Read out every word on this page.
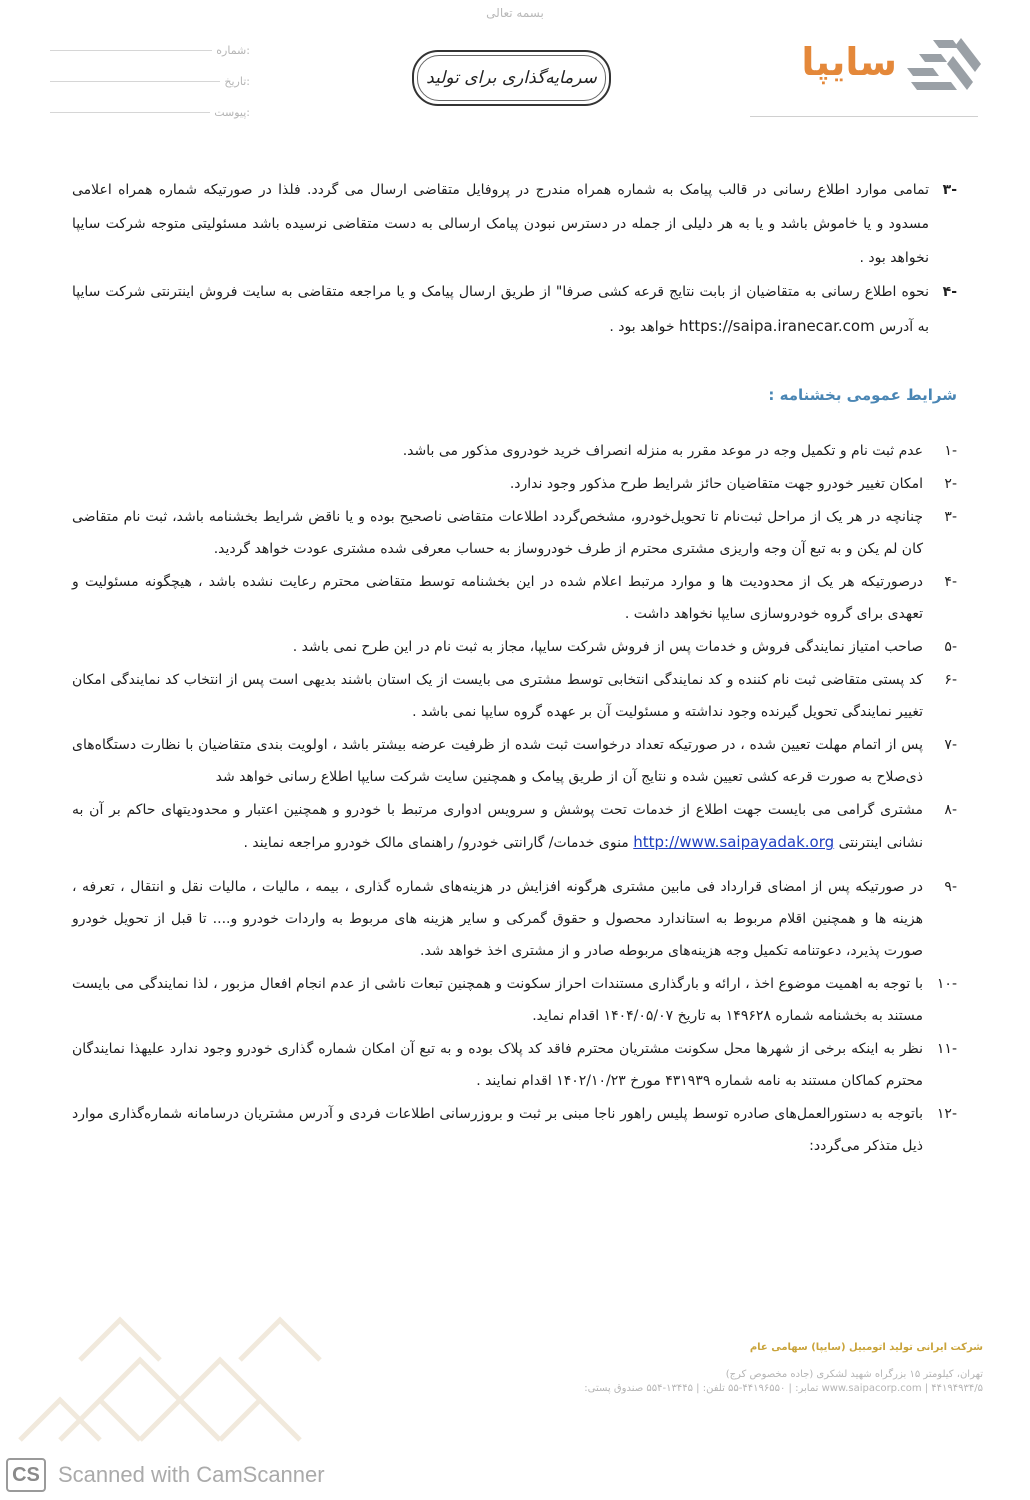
بسمه تعالی
شماره:
تاریخ:
پیوست:
سرمایه‌گذاری برای تولید	سایپا
-۳
تمامی موارد اطلاع رسانی در قالب پیامک به شماره همراه مندرج در پروفایل متقاضی ارسال می گردد. فلذا در صورتیکه شماره همراه اعلامی مسدود و یا خاموش باشد و یا به هر دلیلی از جمله در دسترس نبودن پیامک ارسالی به دست متقاضی نرسیده باشد مسئولیتی متوجه شرکت سایپا نخواهد بود .
-۴
نحوه اطلاع رسانی به متقاضیان از بابت نتایج قرعه کشی صرفا" از طریق ارسال پیامک و یا مراجعه متقاضی به سایت فروش اینترنتی شرکت سایپا به آدرس https://saipa.iranecar.com خواهد بود .
شرایط عمومی بخشنامه :
-۱
عدم ثبت نام و تکمیل وجه در موعد مقرر به منزله انصراف خرید خودروی مذکور می باشد.
-۲
امکان تغییر خودرو جهت متقاضیان حائز شرایط طرح مذکور وجود ندارد.
-۳
چنانچه در هر یک از مراحل ثبت‌نام تا تحویل‌خودرو، مشخص‌گردد اطلاعات متقاضی ناصحیح بوده و یا ناقض شرایط بخشنامه باشد، ثبت نام متقاضی کان لم یکن و به تبع آن وجه واریزی مشتری محترم از طرف خودروساز به حساب معرفی شده مشتری عودت خواهد گردید.
-۴
درصورتیکه هر یک از محدودیت ها و موارد مرتبط اعلام شده در این بخشنامه توسط متقاضی محترم رعایت نشده باشد ، هیچگونه مسئولیت و تعهدی برای گروه خودروسازی سایپا نخواهد داشت .
-۵
صاحب امتیاز نمایندگی فروش و خدمات پس از فروش شرکت سایپا، مجاز به ثبت نام در این طرح نمی باشد .
-۶
کد پستی متقاضی ثبت نام کننده و کد نمایندگی انتخابی توسط مشتری می بایست از یک استان باشند بدیهی است پس از انتخاب کد نمایندگی امکان تغییر نمایندگی تحویل گیرنده وجود نداشته و مسئولیت آن بر عهده گروه سایپا نمی باشد .
-۷
پس از اتمام مهلت تعیین شده ، در صورتیکه تعداد درخواست ثبت شده از ظرفیت عرضه بیشتر باشد ، اولویت بندی متقاضیان با نظارت دستگاه‌های ذی‌صلاح به صورت قرعه کشی تعیین شده و نتایج آن از طریق پیامک و همچنین سایت شرکت سایپا اطلاع رسانی خواهد شد
-۸
مشتری گرامی می بایست جهت اطلاع از خدمات تحت پوشش و سرویس ادواری مرتبط با خودرو و همچنین اعتبار و محدودیتهای حاکم بر آن به نشانی اینترنتی http://www.saipayadak.org منوی خدمات/ گارانتی خودرو/ راهنمای مالک خودرو مراجعه نمایند .
-۹
در صورتیکه پس از امضای قرارداد فی مابین مشتری هرگونه افزایش در هزینه‌های شماره گذاری ، بیمه ، مالیات ، مالیات نقل و انتقال ، تعرفه ، هزینه ها و همچنین اقلام مربوط به استاندارد محصول و حقوق گمرکی و سایر هزینه های مربوط به واردات خودرو و.... تا قبل از تحویل خودرو صورت پذیرد، دعوتنامه تکمیل وجه هزینه‌های مربوطه صادر و از مشتری اخذ خواهد شد.
-۱۰
با توجه به اهمیت موضوع اخذ ، ارائه و بارگذاری مستندات احراز سکونت و همچنین تبعات ناشی از عدم انجام افعال مزبور ، لذا نمایندگی می بایست مستند به بخشنامه شماره ۱۴۹۶۲۸ به تاریخ ۱۴۰۴/۰۵/۰۷ اقدام نماید.
-۱۱
نظر به اینکه برخی از شهرها محل سکونت مشتریان محترم فاقد کد پلاک بوده و به تبع آن امکان شماره گذاری خودرو وجود ندارد علیهذا نمایندگان محترم کماکان مستند به نامه شماره ۴۳۱۹۳۹ مورخ ۱۴۰۲/۱۰/۲۳ اقدام نمایند .
-۱۲
باتوجه به دستورالعمل‌های صادره توسط پلیس راهور ناجا مبنی بر ثبت و بروزرسانی اطلاعات فردی و آدرس مشتریان درسامانه شماره‌گذاری موارد ذیل متذکر می‌گردد:
شرکت ایرانی تولید اتومبیل (سایپا) سهامی عام
تهران، کیلومتر ۱۵ بزرگراه شهید لشکری (جاده مخصوص کرج)
www.saipacorp.com | ۴۴۱۹۴۹۳۴/۵ تمابر: | ۴۴۱۹۶۵۵۰-۵۵ تلفن: | ۱۳۴۴۵-۵۵۴ صندوق پستی:
CS Scanned with CamScanner
